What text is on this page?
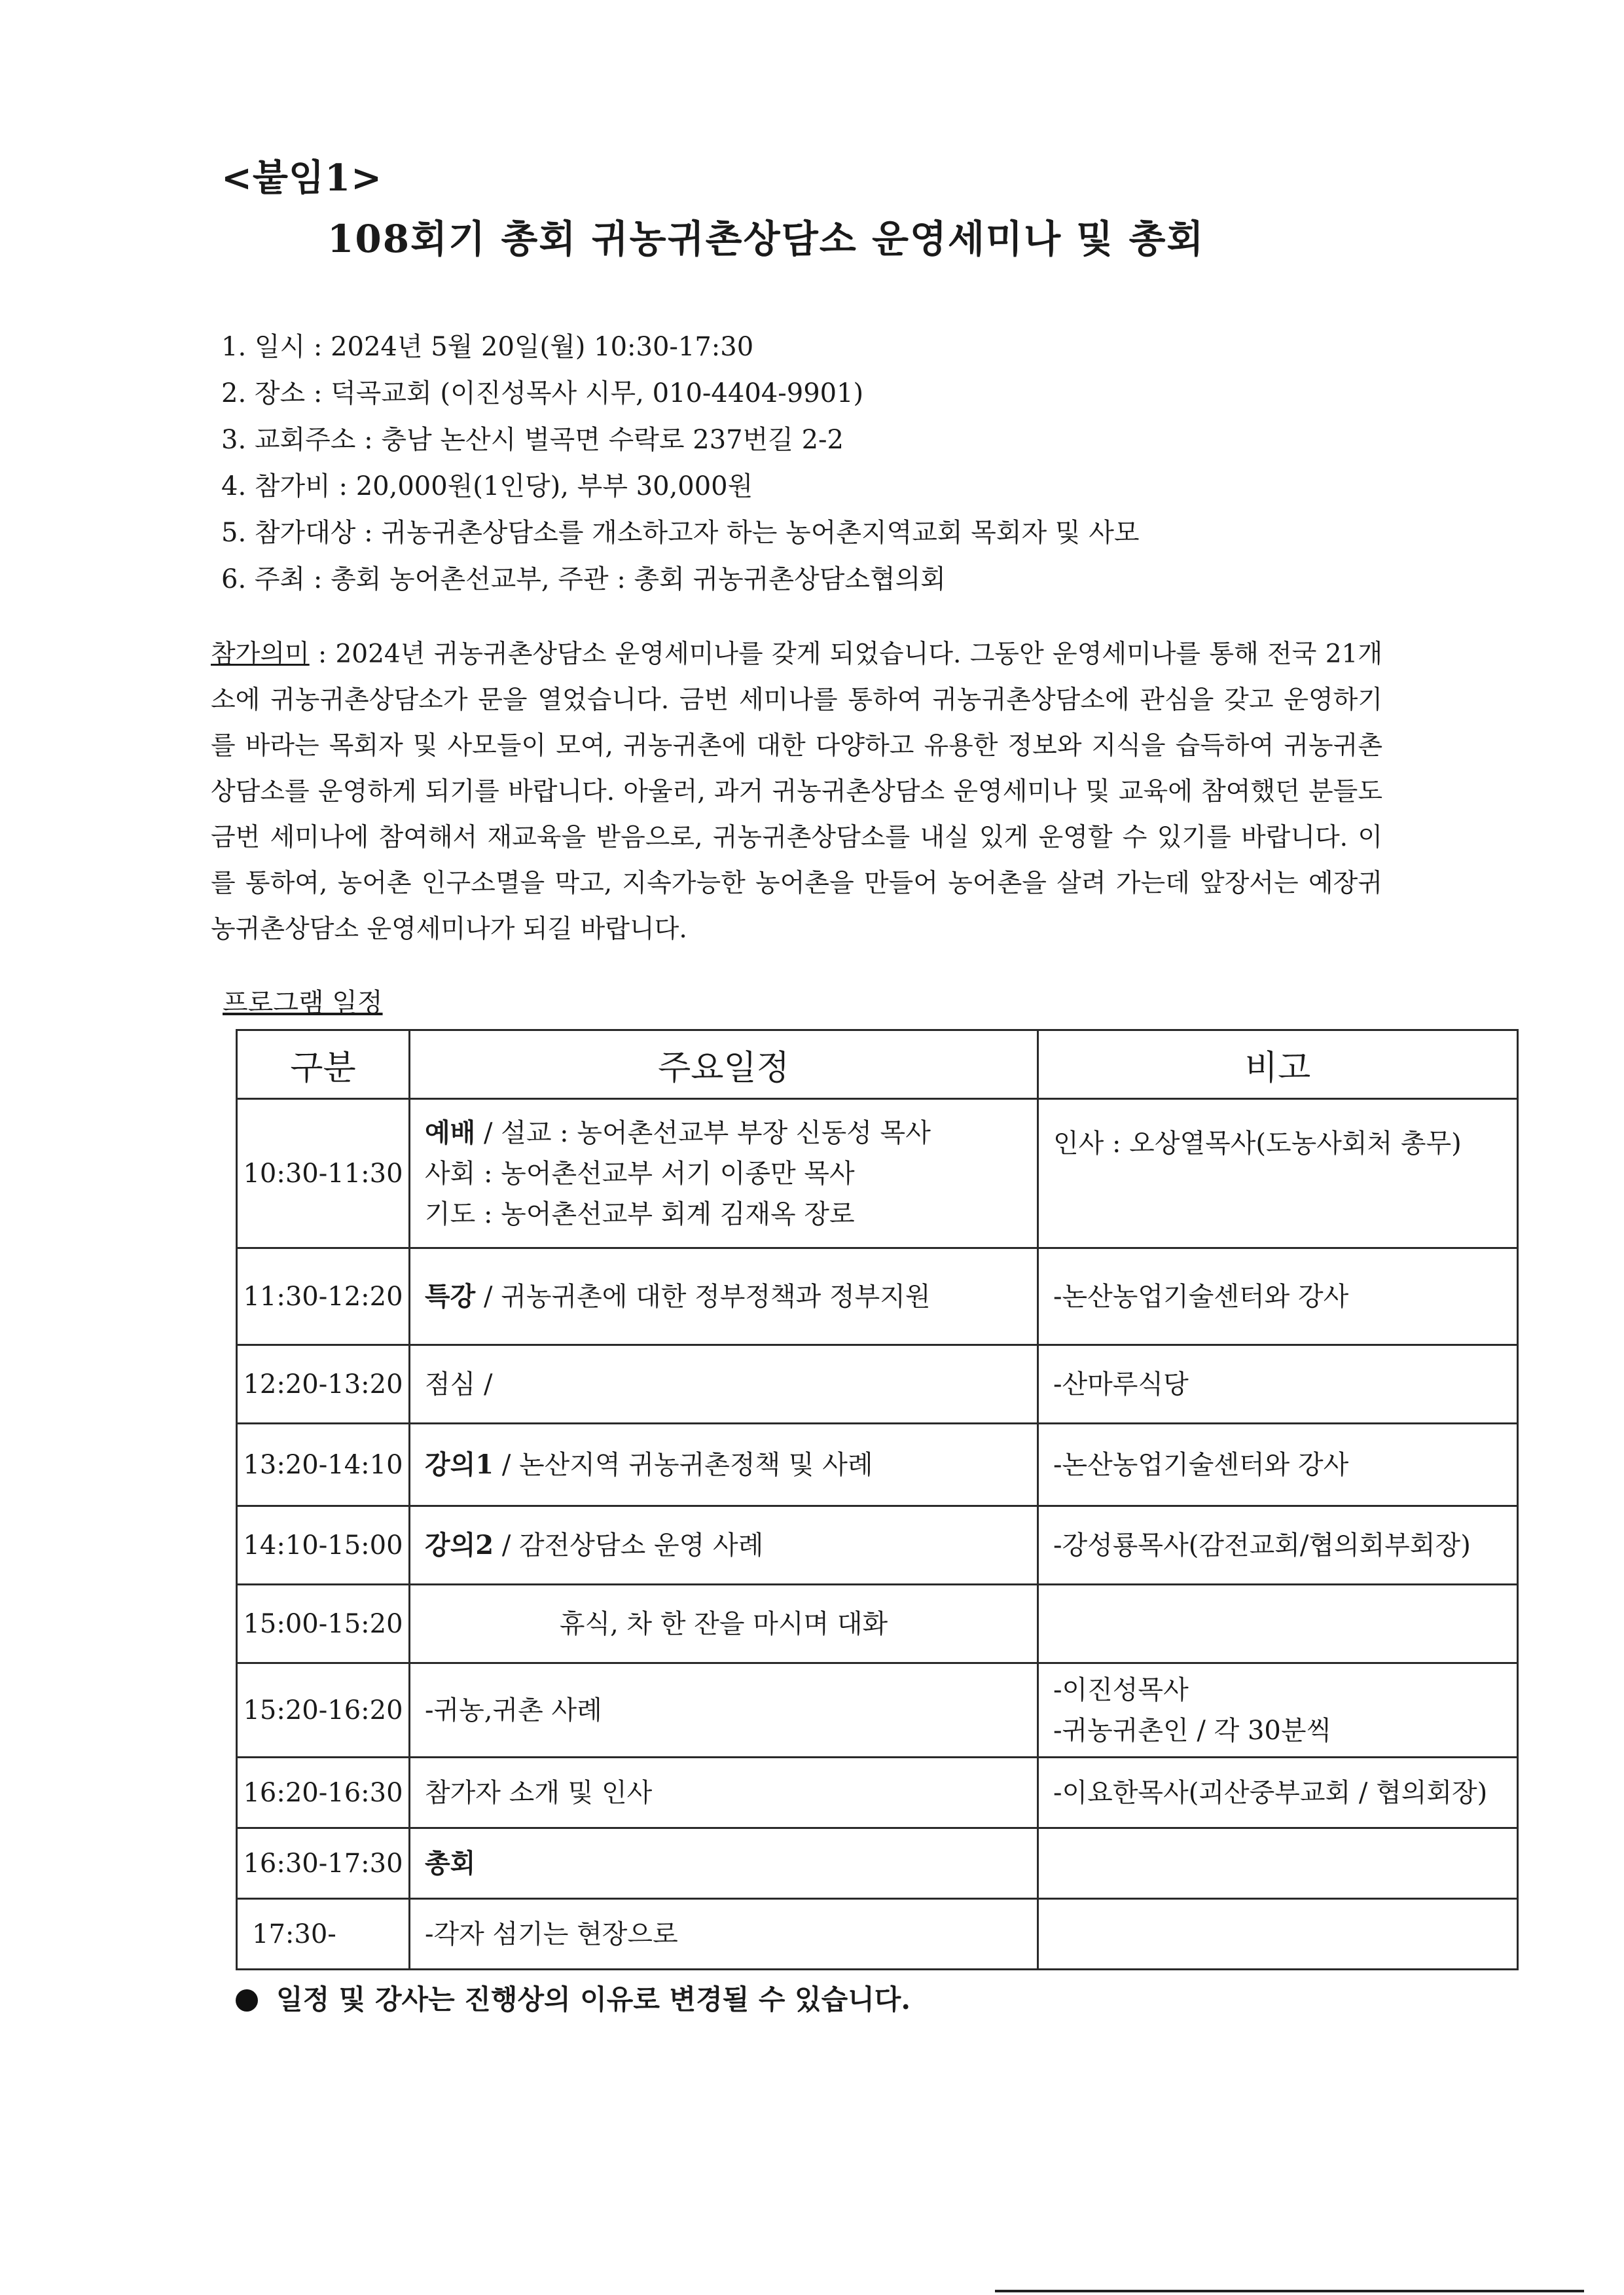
<붙임1>
108회기 총회 귀농귀촌상담소 운영세미나 및 총회
1. 일시 : 2024년 5월 20일(월) 10:30-17:30
2. 장소 : 덕곡교회 (이진성목사 시무, 010-4404-9901)
3. 교회주소 : 충남 논산시 벌곡면 수락로 237번길 2-2
4. 참가비 : 20,000원(1인당), 부부 30,000원
5. 참가대상 : 귀농귀촌상담소를 개소하고자 하는 농어촌지역교회 목회자 및 사모
6. 주최 : 총회 농어촌선교부, 주관 : 총회 귀농귀촌상담소협의회
참가의미 : 2024년 귀농귀촌상담소 운영세미나를 갖게 되었습니다. 그동안 운영세미나를 통해 전국 21개소에 귀농귀촌상담소가 문을 열었습니다. 금번 세미나를 통하여 귀농귀촌상담소에 관심을 갖고 운영하기를 바라는 목회자 및 사모들이 모여, 귀농귀촌에 대한 다양하고 유용한 정보와 지식을 습득하여 귀농귀촌상담소를 운영하게 되기를 바랍니다. 아울러, 과거 귀농귀촌상담소 운영세미나 및 교육에 참여했던 분들도 금번 세미나에 참여해서 재교육을 받음으로, 귀농귀촌상담소를 내실 있게 운영할 수 있기를 바랍니다. 이를 통하여, 농어촌 인구소멸을 막고, 지속가능한 농어촌을 만들어 농어촌을 살려 가는데 앞장서는 예장귀농귀촌상담소 운영세미나가 되길 바랍니다.
프로그램 일정
구분	주요일정	비고
10:30-11:30	예배 / 설교 : 농어촌선교부 부장 신동성 목사
사회 : 농어촌선교부 서기 이종만 목사
기도 : 농어촌선교부 회계 김재옥 장로	인사 : 오상열목사(도농사회처 총무)

11:30-12:20	특강 / 귀농귀촌에 대한 정부정책과 정부지원	-논산농업기술센터와 강사

12:20-13:20	점심 /	-산마루식당

13:20-14:10	강의1 / 논산지역 귀농귀촌정책 및 사례	-논산농업기술센터와 강사

14:10-15:00	강의2 / 감전상담소 운영 사례	-강성룡목사(감전교회/협의회부회장)

15:00-15:20	휴식, 차 한 잔을 마시며 대화	
15:20-16:20	-귀농,귀촌 사례	-이진성목사
-귀농귀촌인 / 각 30분씩

16:20-16:30	참가자 소개 및 인사	-이요한목사(괴산중부교회 / 협의회장)

16:30-17:30	총회	
17:30-	-각자 섬기는 현장으로	
일정 및 강사는 진행상의 이유로 변경될 수 있습니다.
